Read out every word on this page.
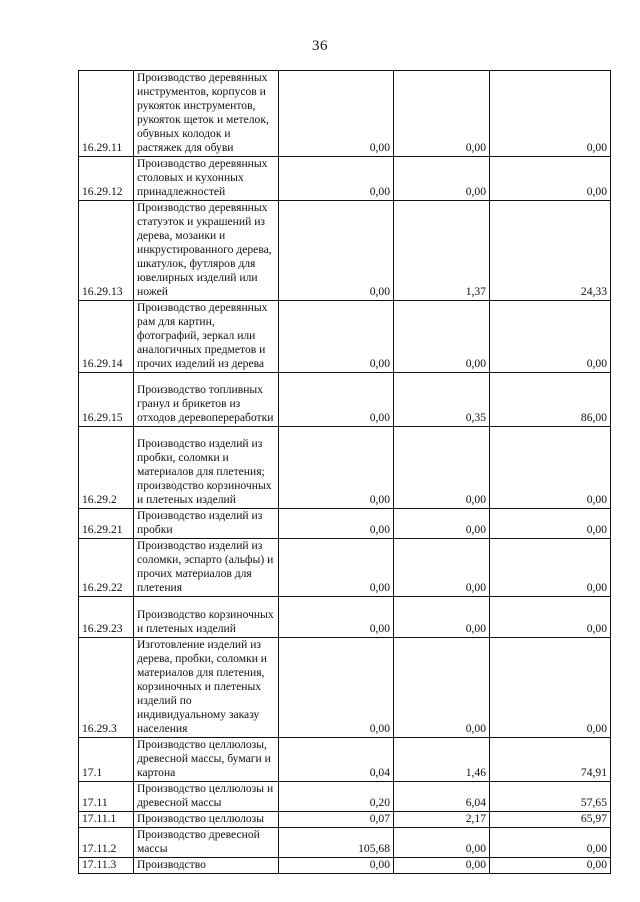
36
16.29.11	Производство деревянных инструментов, корпусов и рукояток инструментов, рукояток щеток и метелок, обувных колодок и растяжек для обуви	0,00	0,00	0,00
16.29.12	Производство деревянных столовых и кухонных принадлежностей	0,00	0,00	0,00
16.29.13	Производство деревянных статуэток и украшений из дерева, мозаики и инкрустированного дерева, шкатулок, футляров для ювелирных изделий или ножей	0,00	1,37	24,33
16.29.14	Производство деревянных рам для картин, фотографий, зеркал или аналогичных предметов и прочих изделий из дерева	0,00	0,00	0,00
16.29.15	Производство топливных гранул и брикетов из отходов деревопереработки	0,00	0,35	86,00
16.29.2	Производство изделий из пробки, соломки и материалов для плетения; производство корзиночных и плетеных изделий	0,00	0,00	0,00
16.29.21	Производство изделий из пробки	0,00	0,00	0,00
16.29.22	Производство изделий из соломки, эспарто (альфы) и прочих материалов для плетения	0,00	0,00	0,00
16.29.23	Производство корзиночных и плетеных изделий	0,00	0,00	0,00
16.29.3	Изготовление изделий из дерева, пробки, соломки и материалов для плетения, корзиночных и плетеных изделий по индивидуальному заказу населения	0,00	0,00	0,00
17.1	Производство целлюлозы, древесной массы, бумаги и картона	0,04	1,46	74,91
17.11	Производство целлюлозы и древесной массы	0,20	6,04	57,65
17.11.1	Производство целлюлозы	0,07	2,17	65,97
17.11.2	Производство древесной массы	105,68	0,00	0,00
17.11.3	Производство	0,00	0,00	0,00
